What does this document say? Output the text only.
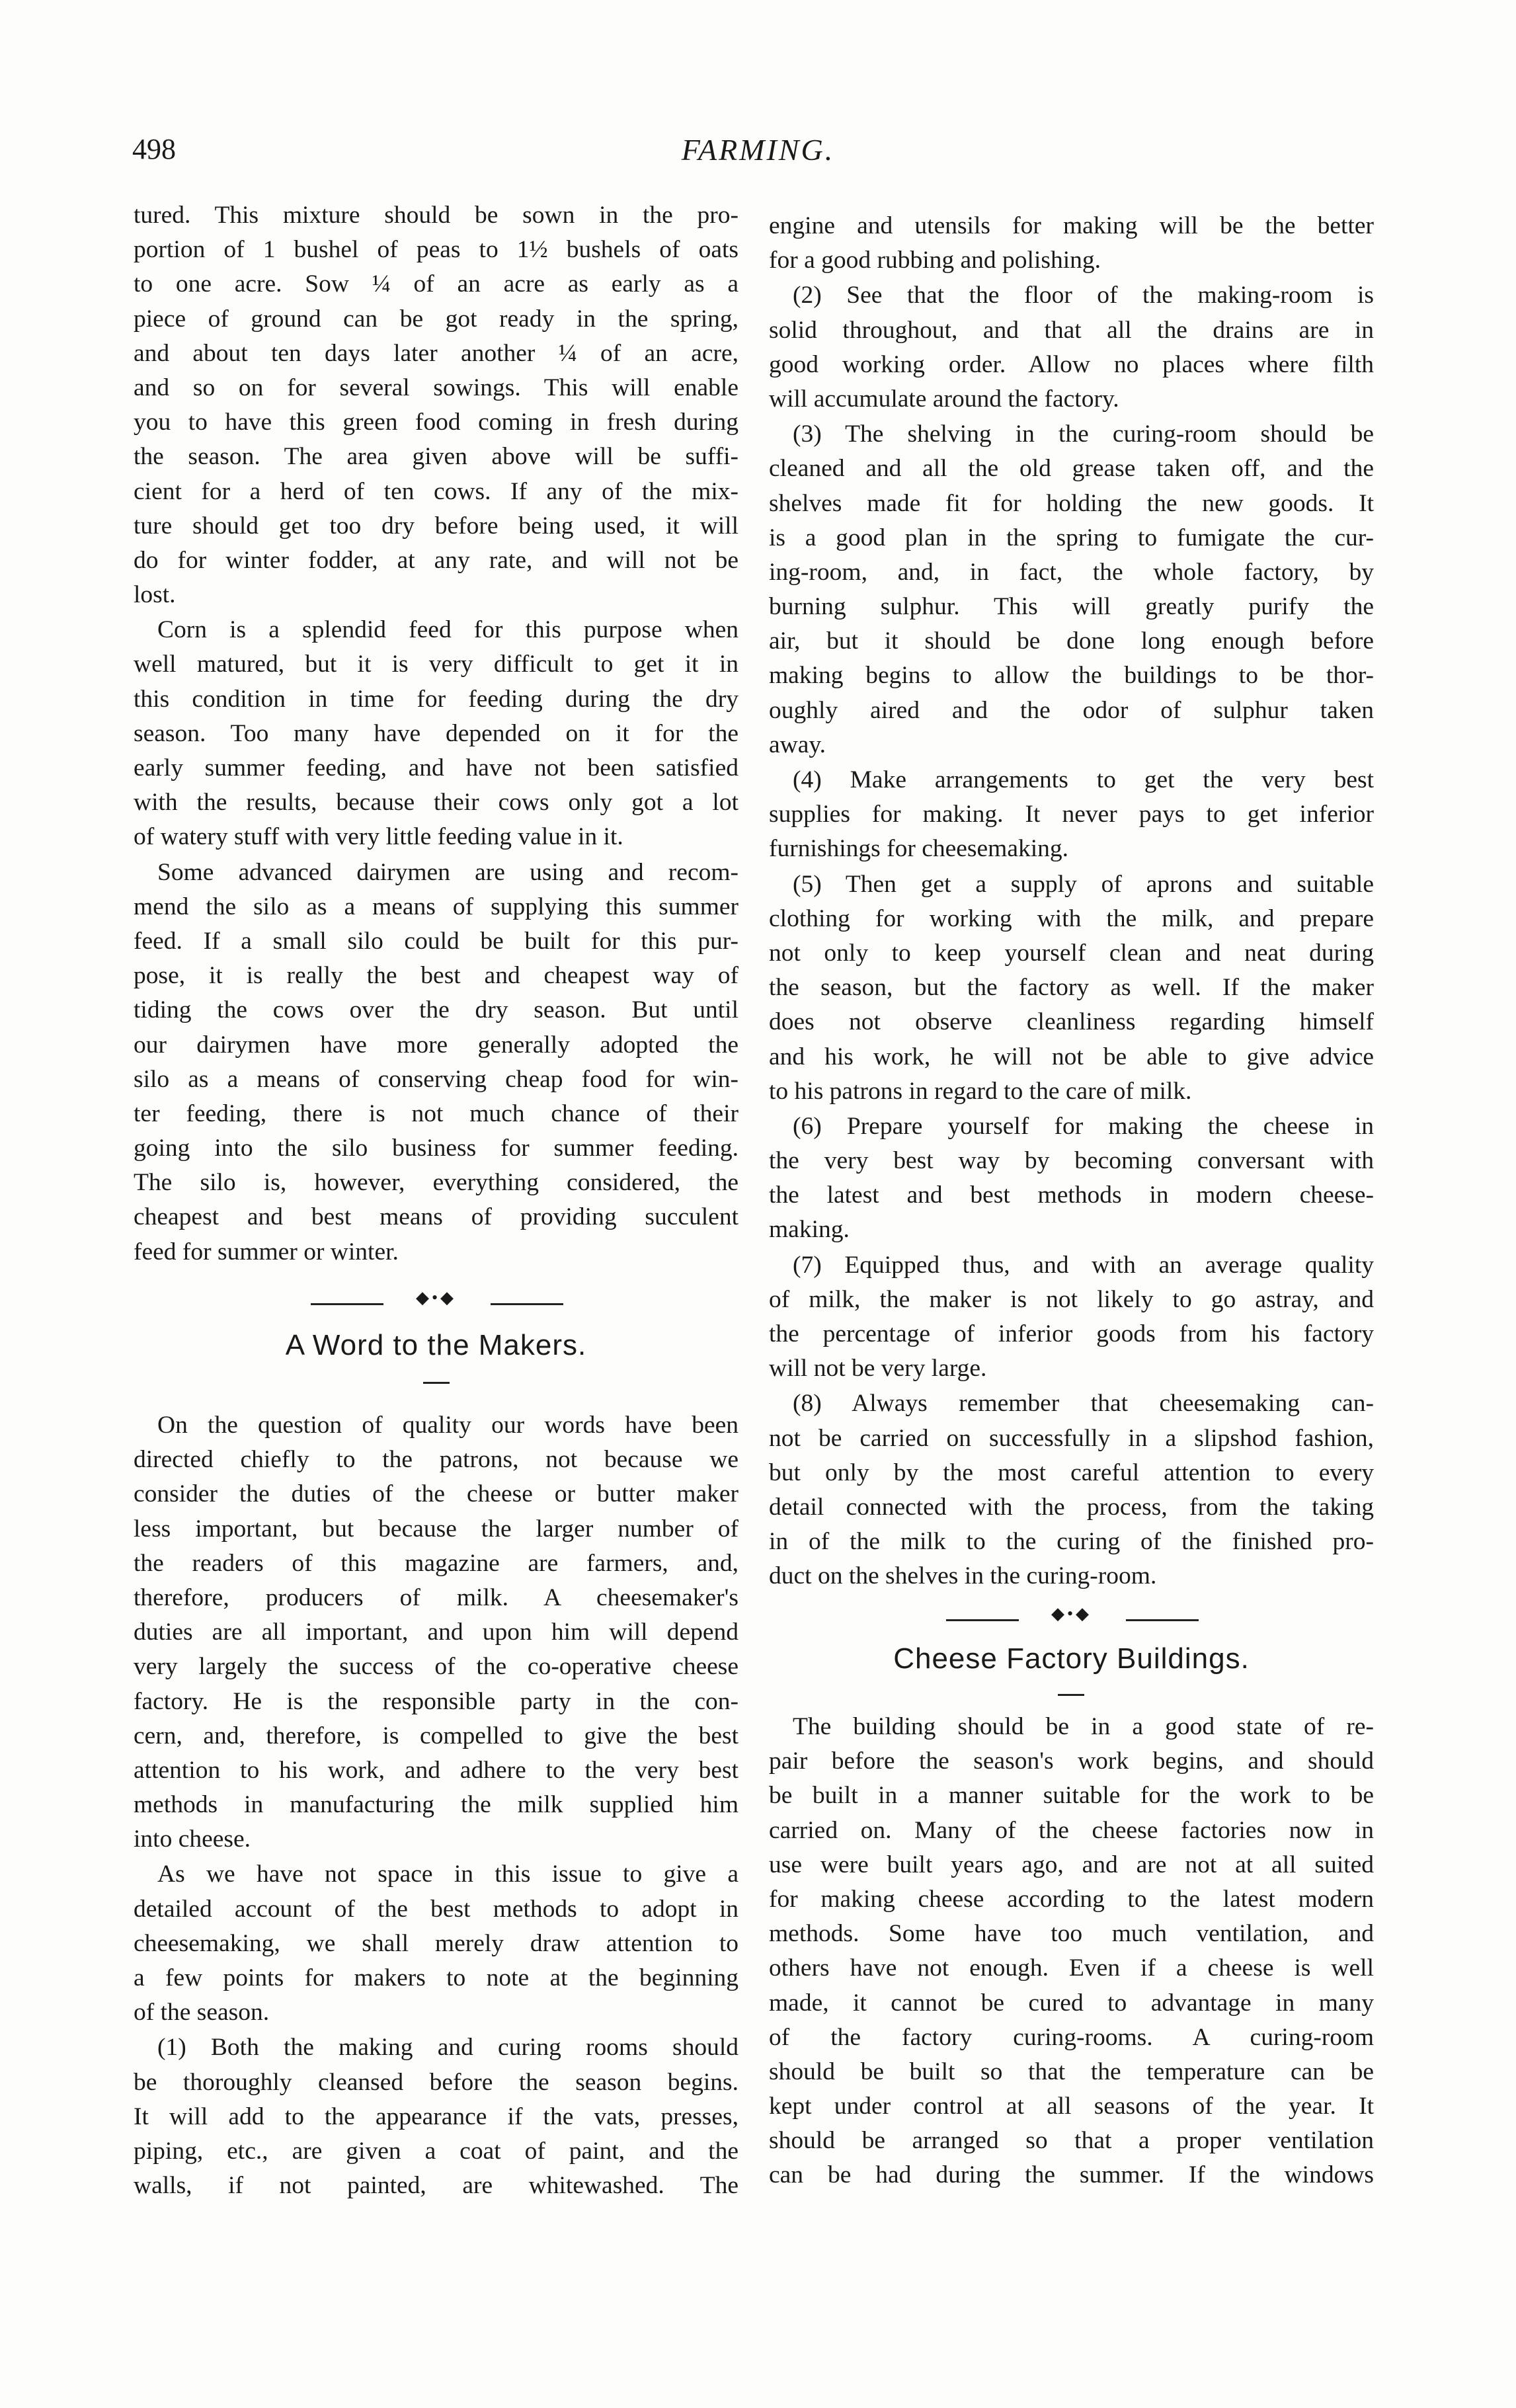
498	FARMING.
tured. This mixture should be sown in the pro-
portion of 1 bushel of peas to 1½ bushels of oats
to one acre. Sow ¼ of an acre as early as a
piece of ground can be got ready in the spring,
and about ten days later another ¼ of an acre,
and so on for several sowings. This will enable
you to have this green food coming in fresh during
the season. The area given above will be suffi-
cient for a herd of ten cows. If any of the mix-
ture should get too dry before being used, it will
do for winter fodder, at any rate, and will not be
lost.
Corn is a splendid feed for this purpose when
well matured, but it is very difficult to get it in
this condition in time for feeding during the dry
season. Too many have depended on it for the
early summer feeding, and have not been satisfied
with the results, because their cows only got a lot
of watery stuff with very little feeding value in it.
Some advanced dairymen are using and recom-
mend the silo as a means of supplying this summer
feed. If a small silo could be built for this pur-
pose, it is really the best and cheapest way of
tiding the cows over the dry season. But until
our dairymen have more generally adopted the
silo as a means of conserving cheap food for win-
ter feeding, there is not much chance of their
going into the silo business for summer feeding.
The silo is, however, everything considered, the
cheapest and best means of providing succulent
feed for summer or winter.
◆•◆
A Word to the Makers.
On the question of quality our words have been
directed chiefly to the patrons, not because we
consider the duties of the cheese or butter maker
less important, but because the larger number of
the readers of this magazine are farmers, and,
therefore, producers of milk. A cheesemaker's
duties are all important, and upon him will depend
very largely the success of the co-operative cheese
factory. He is the responsible party in the con-
cern, and, therefore, is compelled to give the best
attention to his work, and adhere to the very best
methods in manufacturing the milk supplied him
into cheese.
As we have not space in this issue to give a
detailed account of the best methods to adopt in
cheesemaking, we shall merely draw attention to
a few points for makers to note at the beginning
of the season.
(1) Both the making and curing rooms should
be thoroughly cleansed before the season begins.
It will add to the appearance if the vats, presses,
piping, etc., are given a coat of paint, and the
walls, if not painted, are whitewashed. The
engine and utensils for making will be the better
for a good rubbing and polishing.
(2) See that the floor of the making-room is
solid throughout, and that all the drains are in
good working order. Allow no places where filth
will accumulate around the factory.
(3) The shelving in the curing-room should be
cleaned and all the old grease taken off, and the
shelves made fit for holding the new goods. It
is a good plan in the spring to fumigate the cur-
ing-room, and, in fact, the whole factory, by
burning sulphur. This will greatly purify the
air, but it should be done long enough before
making begins to allow the buildings to be thor-
oughly aired and the odor of sulphur taken
away.
(4) Make arrangements to get the very best
supplies for making. It never pays to get inferior
furnishings for cheesemaking.
(5) Then get a supply of aprons and suitable
clothing for working with the milk, and prepare
not only to keep yourself clean and neat during
the season, but the factory as well. If the maker
does not observe cleanliness regarding himself
and his work, he will not be able to give advice
to his patrons in regard to the care of milk.
(6) Prepare yourself for making the cheese in
the very best way by becoming conversant with
the latest and best methods in modern cheese-
making.
(7) Equipped thus, and with an average quality
of milk, the maker is not likely to go astray, and
the percentage of inferior goods from his factory
will not be very large.
(8) Always remember that cheesemaking can-
not be carried on successfully in a slipshod fashion,
but only by the most careful attention to every
detail connected with the process, from the taking
in of the milk to the curing of the finished pro-
duct on the shelves in the curing-room.
◆•◆
Cheese Factory Buildings.
The building should be in a good state of re-
pair before the season's work begins, and should
be built in a manner suitable for the work to be
carried on. Many of the cheese factories now in
use were built years ago, and are not at all suited
for making cheese according to the latest modern
methods. Some have too much ventilation, and
others have not enough. Even if a cheese is well
made, it cannot be cured to advantage in many
of the factory curing-rooms. A curing-room
should be built so that the temperature can be
kept under control at all seasons of the year. It
should be arranged so that a proper ventilation
can be had during the summer. If the windows
